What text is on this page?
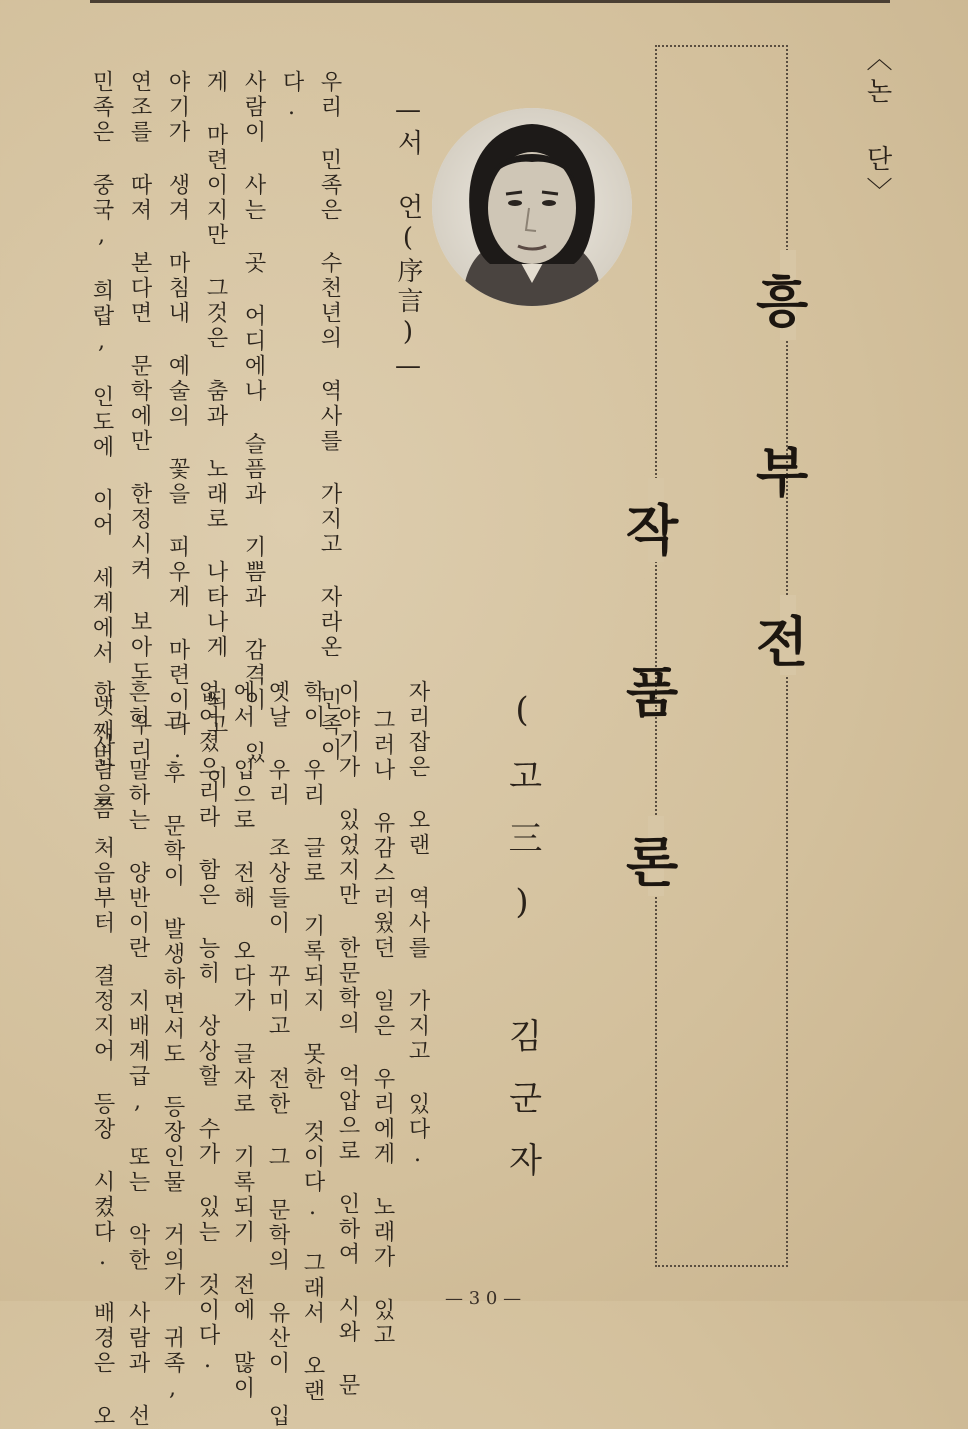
〈논 단〉
흥
부
전
작
품
론
(고三) 김군자
—서 언(序言)—
우리 민족은 수천년의 역사를 가지고 자라온 민족이
다.
사람이 사는 곳 어디에나 슬픔과 기쁨과 감격이 있
게 마련이지만 그것은 춤과 노래로 나타나게 되고 이
야기가 생겨 마침내 예술의 꽃을 피우게 마련이다.
연조를 따져 본다면 문학에만 한정시켜 보아도 우리
민족은 중국, 희랍, 인도에 이어 세계에서 넷째번 쯤
자리잡은 오랜 역사를 가지고 있다.
그러나 유감스러웠던 일은 우리에게 노래가 있고
이야기가 있었지만 한문학의 억압으로 인하여 시와 문
학이 우리 글로 기록되지 못한 것이다. 그래서 오랜
옛날 우리 조상들이 꾸미고 전한 그 문학의 유산이 입
에서 입으로 전해 오다가 글자로 기록되기 전에 많이
없어졌으리라 함은 능히 상상할 수가 있는 것이다.
그 후 문학이 발생하면서도 등장인물 거의가 귀족,
흔히 말하는 양반이란 지배계급, 또는 악한 사람과 선
한 사람을 처음부터 결정지어 등장 시켰다. 배경은 오	— 3 0 —
